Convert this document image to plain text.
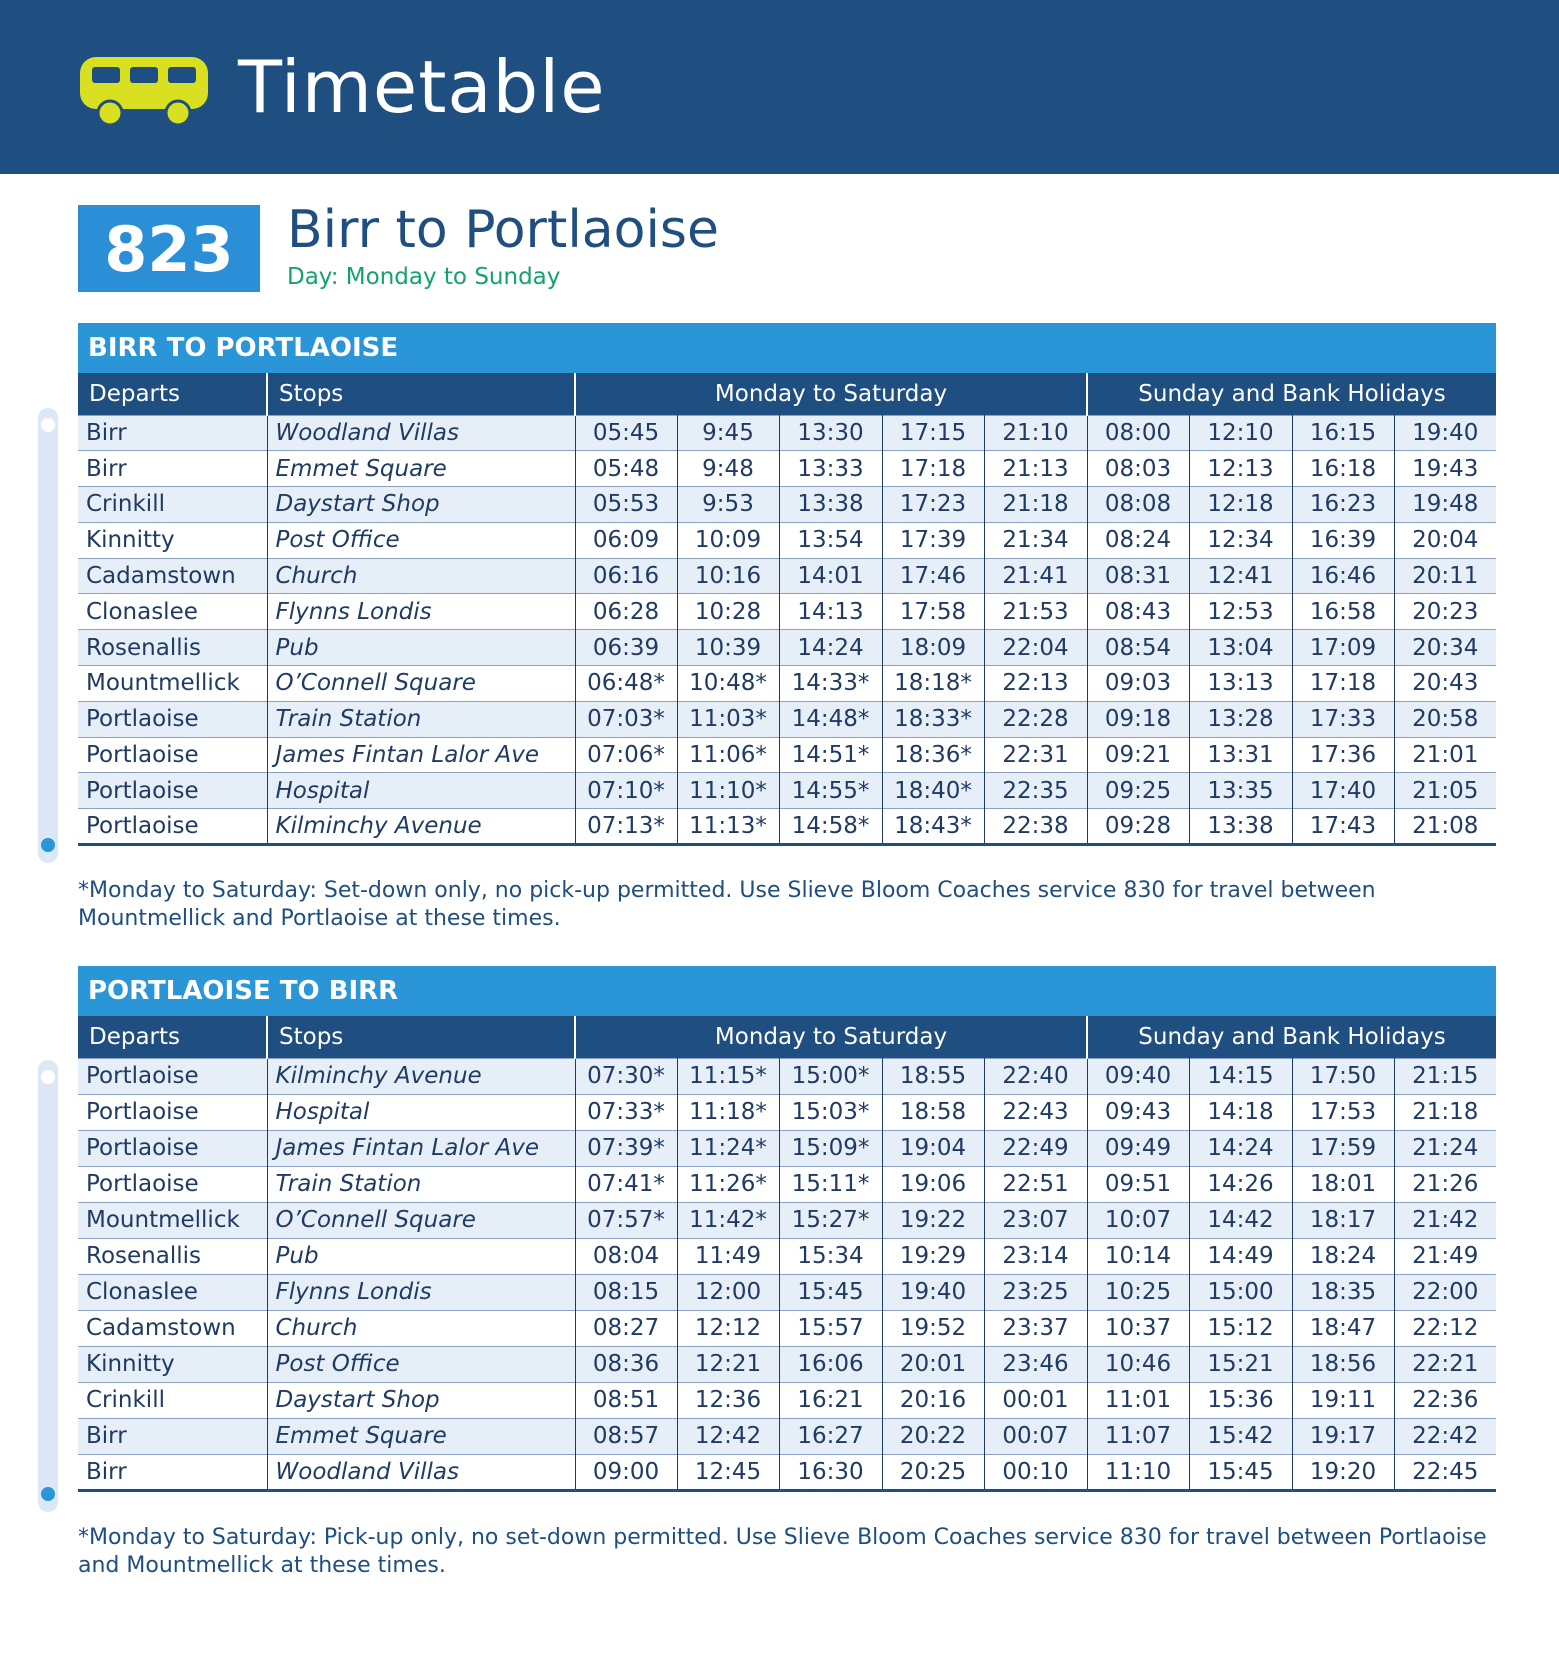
Timetable
823	Birr to Portlaoise
Day: Monday to Sunday
BIRR TO PORTLAOISE
Departs	Stops	Monday to Saturday					Sunday and Bank Holidays			
Birr	Woodland Villas	05:45	9:45	13:30	17:15	21:10	08:00	12:10	16:15	19:40
Birr	Emmet Square	05:48	9:48	13:33	17:18	21:13	08:03	12:13	16:18	19:43
Crinkill	Daystart Shop	05:53	9:53	13:38	17:23	21:18	08:08	12:18	16:23	19:48
Kinnitty	Post Office	06:09	10:09	13:54	17:39	21:34	08:24	12:34	16:39	20:04
Cadamstown	Church	06:16	10:16	14:01	17:46	21:41	08:31	12:41	16:46	20:11
Clonaslee	Flynns Londis	06:28	10:28	14:13	17:58	21:53	08:43	12:53	16:58	20:23
Rosenallis	Pub	06:39	10:39	14:24	18:09	22:04	08:54	13:04	17:09	20:34
Mountmellick	O’Connell Square	06:48*	10:48*	14:33*	18:18*	22:13	09:03	13:13	17:18	20:43
Portlaoise	Train Station	07:03*	11:03*	14:48*	18:33*	22:28	09:18	13:28	17:33	20:58
Portlaoise	James Fintan Lalor Ave	07:06*	11:06*	14:51*	18:36*	22:31	09:21	13:31	17:36	21:01
Portlaoise	Hospital	07:10*	11:10*	14:55*	18:40*	22:35	09:25	13:35	17:40	21:05
Portlaoise	Kilminchy Avenue	07:13*	11:13*	14:58*	18:43*	22:38	09:28	13:38	17:43	21:08
*Monday to Saturday: Set-down only, no pick-up permitted. Use Slieve Bloom Coaches service 830 for travel between Mountmellick and Portlaoise at these times.
PORTLAOISE TO BIRR
Departs	Stops	Monday to Saturday					Sunday and Bank Holidays			
Portlaoise	Kilminchy Avenue	07:30*	11:15*	15:00*	18:55	22:40	09:40	14:15	17:50	21:15
Portlaoise	Hospital	07:33*	11:18*	15:03*	18:58	22:43	09:43	14:18	17:53	21:18
Portlaoise	James Fintan Lalor Ave	07:39*	11:24*	15:09*	19:04	22:49	09:49	14:24	17:59	21:24
Portlaoise	Train Station	07:41*	11:26*	15:11*	19:06	22:51	09:51	14:26	18:01	21:26
Mountmellick	O’Connell Square	07:57*	11:42*	15:27*	19:22	23:07	10:07	14:42	18:17	21:42
Rosenallis	Pub	08:04	11:49	15:34	19:29	23:14	10:14	14:49	18:24	21:49
Clonaslee	Flynns Londis	08:15	12:00	15:45	19:40	23:25	10:25	15:00	18:35	22:00
Cadamstown	Church	08:27	12:12	15:57	19:52	23:37	10:37	15:12	18:47	22:12
Kinnitty	Post Office	08:36	12:21	16:06	20:01	23:46	10:46	15:21	18:56	22:21
Crinkill	Daystart Shop	08:51	12:36	16:21	20:16	00:01	11:01	15:36	19:11	22:36
Birr	Emmet Square	08:57	12:42	16:27	20:22	00:07	11:07	15:42	19:17	22:42
Birr	Woodland Villas	09:00	12:45	16:30	20:25	00:10	11:10	15:45	19:20	22:45
*Monday to Saturday: Pick-up only, no set-down permitted. Use Slieve Bloom Coaches service 830 for travel between Portlaoise and Mountmellick at these times.
